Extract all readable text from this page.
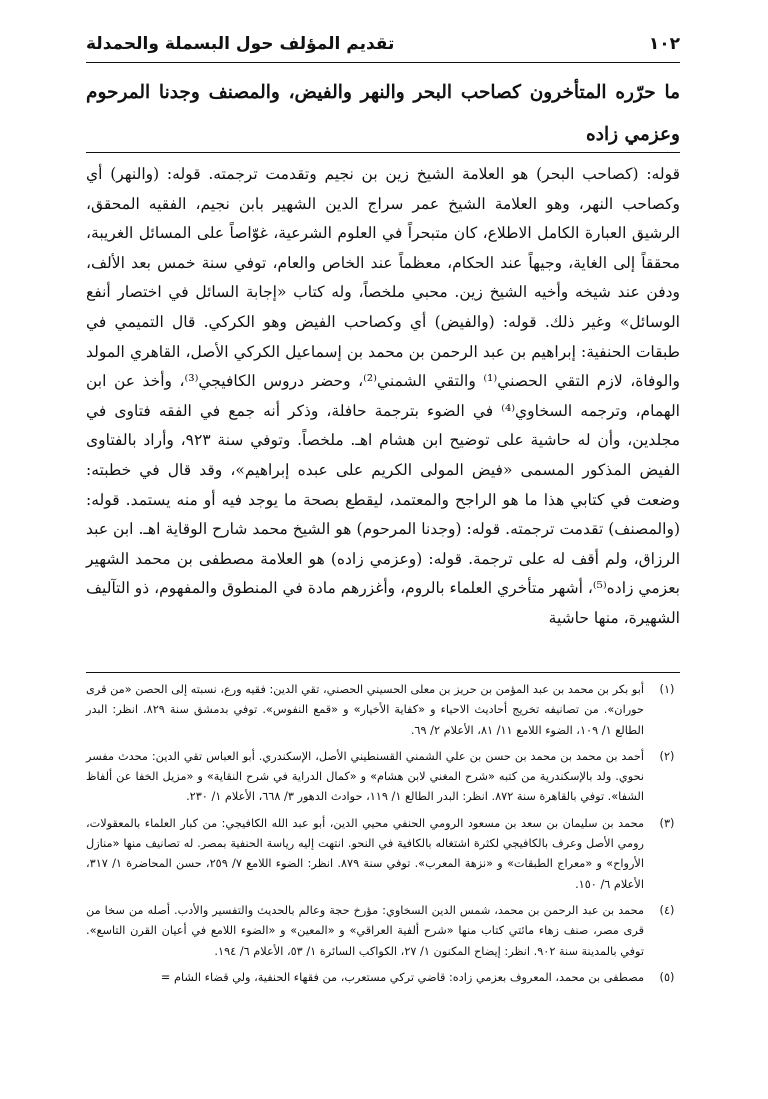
١٠٢
تقديم المؤلف حول البسملة والحمدلة
ما حرّره المتأخرون كصاحب البحر والنهر والفيض، والمصنف وجدنا المرحوم وعزمي زاده

قوله: (كصاحب البحر) هو العلامة الشيخ زين بن نجيم وتقدمت ترجمته. قوله: (والنهر) أي وكصاحب النهر، وهو العلامة الشيخ عمر سراج الدين الشهير بابن نجيم، الفقيه المحقق، الرشيق العبارة الكامل الاطلاع، كان متبحراً في العلوم الشرعية، غوّاصاً على المسائل الغريبة، محققاً إلى الغاية، وجيهاً عند الحكام، معظماً عند الخاص والعام، توفي سنة خمس بعد الألف، ودفن عند شيخه وأخيه الشيخ زين. محبي ملخصاً، وله كتاب «إجابة السائل في اختصار أنفع الوسائل» وغير ذلك. قوله: (والفيض) أي وكصاحب الفيض وهو الكركي. قال التميمي في طبقات الحنفية: إبراهيم بن عبد الرحمن بن محمد بن إسماعيل الكركي الأصل، القاهري المولد والوفاة، لازم التقي الحصني⁽¹⁾ والتقي الشمني⁽²⁾، وحضر دروس الكافيجي⁽³⁾، وأخذ عن ابن الهمام، وترجمه السخاوي⁽⁴⁾ في الضوء بترجمة حافلة، وذكر أنه جمع في الفقه فتاوى في مجلدين، وأن له حاشية على توضيح ابن هشام اهـ. ملخصاً. وتوفي سنة ٩٢٣، وأراد بالفتاوى الفيض المذكور المسمى «فيض المولى الكريم على عبده إبراهيم»، وقد قال في خطبته: وضعت في كتابي هذا ما هو الراجح والمعتمد، ليقطع بصحة ما يوجد فيه أو منه يستمد. قوله: (والمصنف) تقدمت ترجمته. قوله: (وجدنا المرحوم) هو الشيخ محمد شارح الوقاية اهـ. ابن عبد الرزاق، ولم أقف له على ترجمة. قوله: (وعزمي زاده) هو العلامة مصطفى بن محمد الشهير بعزمي زاده⁽⁵⁾، أشهر متأخري العلماء بالروم، وأغزرهم مادة في المنطوق والمفهوم، ذو التآليف الشهيرة، منها حاشية

(١)
أبو بكر بن محمد بن عبد المؤمن بن حريز بن معلى الحسيني الحصني، تقي الدين: فقيه ورع، نسبته إلى الحصن «من قرى حوران». من تصانيفه تخريج أحاديث الاحياء و «كفاية الأخيار» و «قمع النفوس». توفي بدمشق سنة ٨٢٩. انظر: البدر الطالع ١/ ١٠٩، الضوء اللامع ١١/ ٨١، الأعلام ٢/ ٦٩.
(٢)
أحمد بن محمد بن محمد بن حسن بن علي الشمني القسنطيني الأصل، الإسكندري. أبو العباس تقي الدين: محدث مفسر نحوي. ولد بالإسكندرية من كتبه «شرح المغني لابن هشام» و «كمال الدراية في شرح النقاية» و «مزيل الخفا عن ألفاظ الشفا». توفي بالقاهرة سنة ٨٧٢. انظر: البدر الطالع ١/ ١١٩، حوادث الدهور ٣/ ٦٦٨، الأعلام ١/ ٢٣٠.
(٣)
محمد بن سليمان بن سعد بن مسعود الرومي الحنفي محيي الدين، أبو عبد الله الكافيجي: من كبار العلماء بالمعقولات، رومي الأصل وعرف بالكافيجي لكثرة اشتغاله بالكافية في النحو. انتهت إليه رياسة الحنفية بمصر. له تصانيف منها «منازل الأرواح» و «معراج الطبقات» و «نزهة المعرب». توفي سنة ٨٧٩. انظر: الضوء اللامع ٧/ ٢٥٩، حسن المحاضرة ١/ ٣١٧، الأعلام ٦/ ١٥٠.
(٤)
محمد بن عبد الرحمن بن محمد، شمس الدين السخاوي: مؤرخ حجة وعالم بالحديث والتفسير والأدب. أصله من سخا من قرى مصر، صنف زهاء مائتي كتاب منها «شرح ألفية العراقي» و «المعين» و «الضوء اللامع في أعيان القرن التاسع». توفي بالمدينة سنة ٩٠٢. انظر: إيضاح المكنون ١/ ٢٧، الكواكب السائرة ١/ ٥٣، الأعلام ٦/ ١٩٤.
(٥)
مصطفى بن محمد، المعروف بعزمي زاده: قاضي تركي مستعرب، من فقهاء الحنفية، ولي قضاء الشام =
